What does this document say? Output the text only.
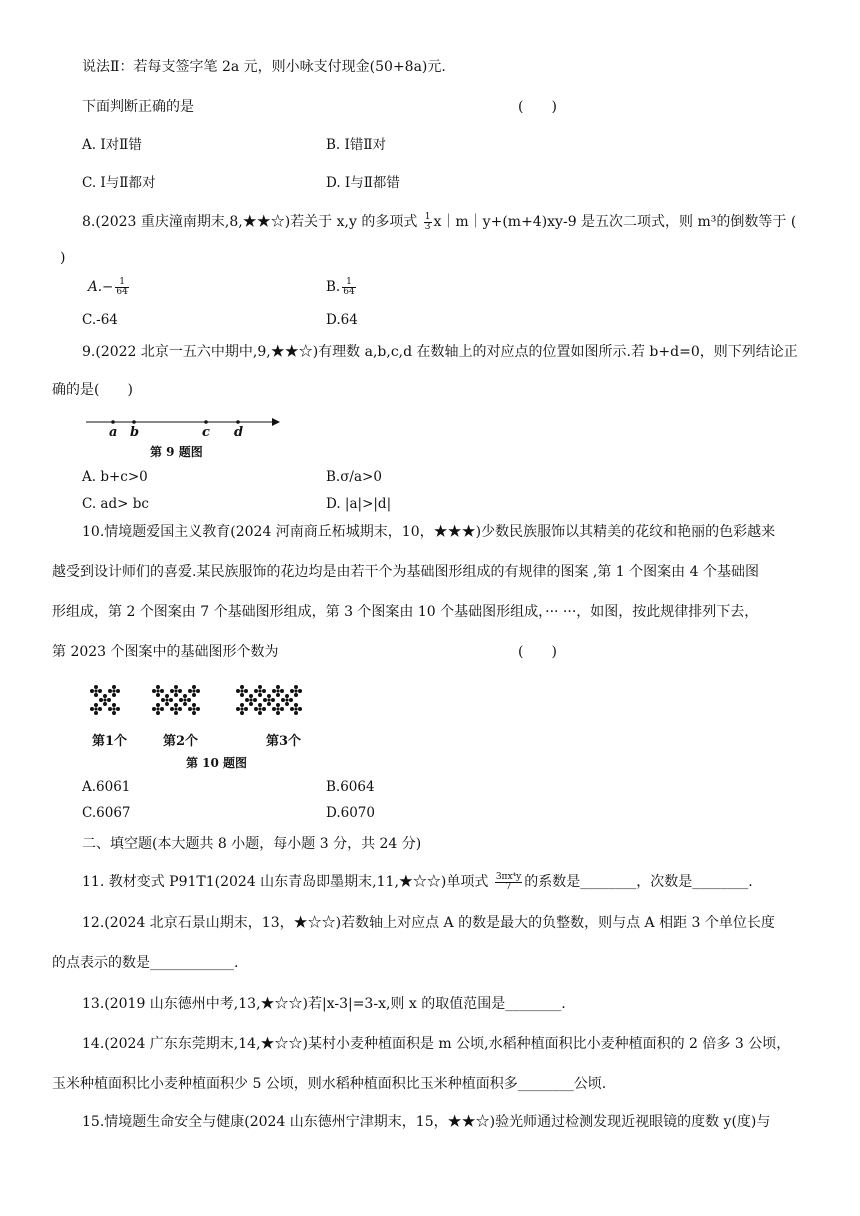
说法Ⅱ：若每支签字笔 2a 元，则小咏支付现金(50+8a)元.
下面判断正确的是	(　　)
A. Ⅰ对Ⅱ错	B. Ⅰ错Ⅱ对
C. Ⅰ与Ⅱ都对	D. Ⅰ与Ⅱ都错
8.(2023 重庆潼南期末,8,★★☆)若关于 x,y 的多项式 $\frac{1}{3}$ x｜m｜y+(m+4)xy-9 是五次二项式，则 m³的倒数等于 (
)
$A.- \frac{1}{64}$	B. $\frac{1}{64}$
C.-64	D.64
9.(2022 北京一五六中期中,9,★★☆)有理数 a,b,c,d 在数轴上的对应点的位置如图所示.若 b+d=0，则下列结论正
确的是(　　)
a b	c d
第 9 题图
A. b+c>0	B.σ/a>0
C. ad> bc	D. |a|>|d|
10.情境题爱国主义教育(2024 河南商丘柘城期末，10，★★★)少数民族服饰以其精美的花纹和艳丽的色彩越来
越受到设计师们的喜爱.某民族服饰的花边均是由若干个为基础图形组成的有规律的图案 ,第 1 个图案由 4 个基础图
形组成，第 2 个图案由 7 个基础图形组成，第 3 个图案由 10 个基础图形组成，··· ···，如图，按此规律排列下去，
第 2023 个图案中的基础图形个数为	(　　)
第1个	第2个	第3个
第 10 题图
A.6061	B.6064
C.6067	D.6070
二、填空题(本大题共 8 小题，每小题 3 分，共 24 分)
11. 教材变式 P91T1(2024 山东青岛即墨期末,11,★☆☆)单项式 $\frac{\text{3πx⁴y}}{7}$ 的系数是________，次数是________.
12.(2024 北京石景山期末，13，★☆☆)若数轴上对应点 A 的数是最大的负整数，则与点 A 相距 3 个单位长度
的点表示的数是____________.
13.(2019 山东德州中考,13,★☆☆)若|x-3|=3-x,则 x 的取值范围是________.
14.(2024 广东东莞期末,14,★☆☆)某村小麦种植面积是 m 公顷,水稻种植面积比小麦种植面积的 2 倍多 3 公顷，
玉米种植面积比小麦种植面积少 5 公顷，则水稻种植面积比玉米种植面积多________公顷.
15.情境题生命安全与健康(2024 山东德州宁津期末，15，★★☆)验光师通过检测发现近视眼镜的度数 y(度)与
